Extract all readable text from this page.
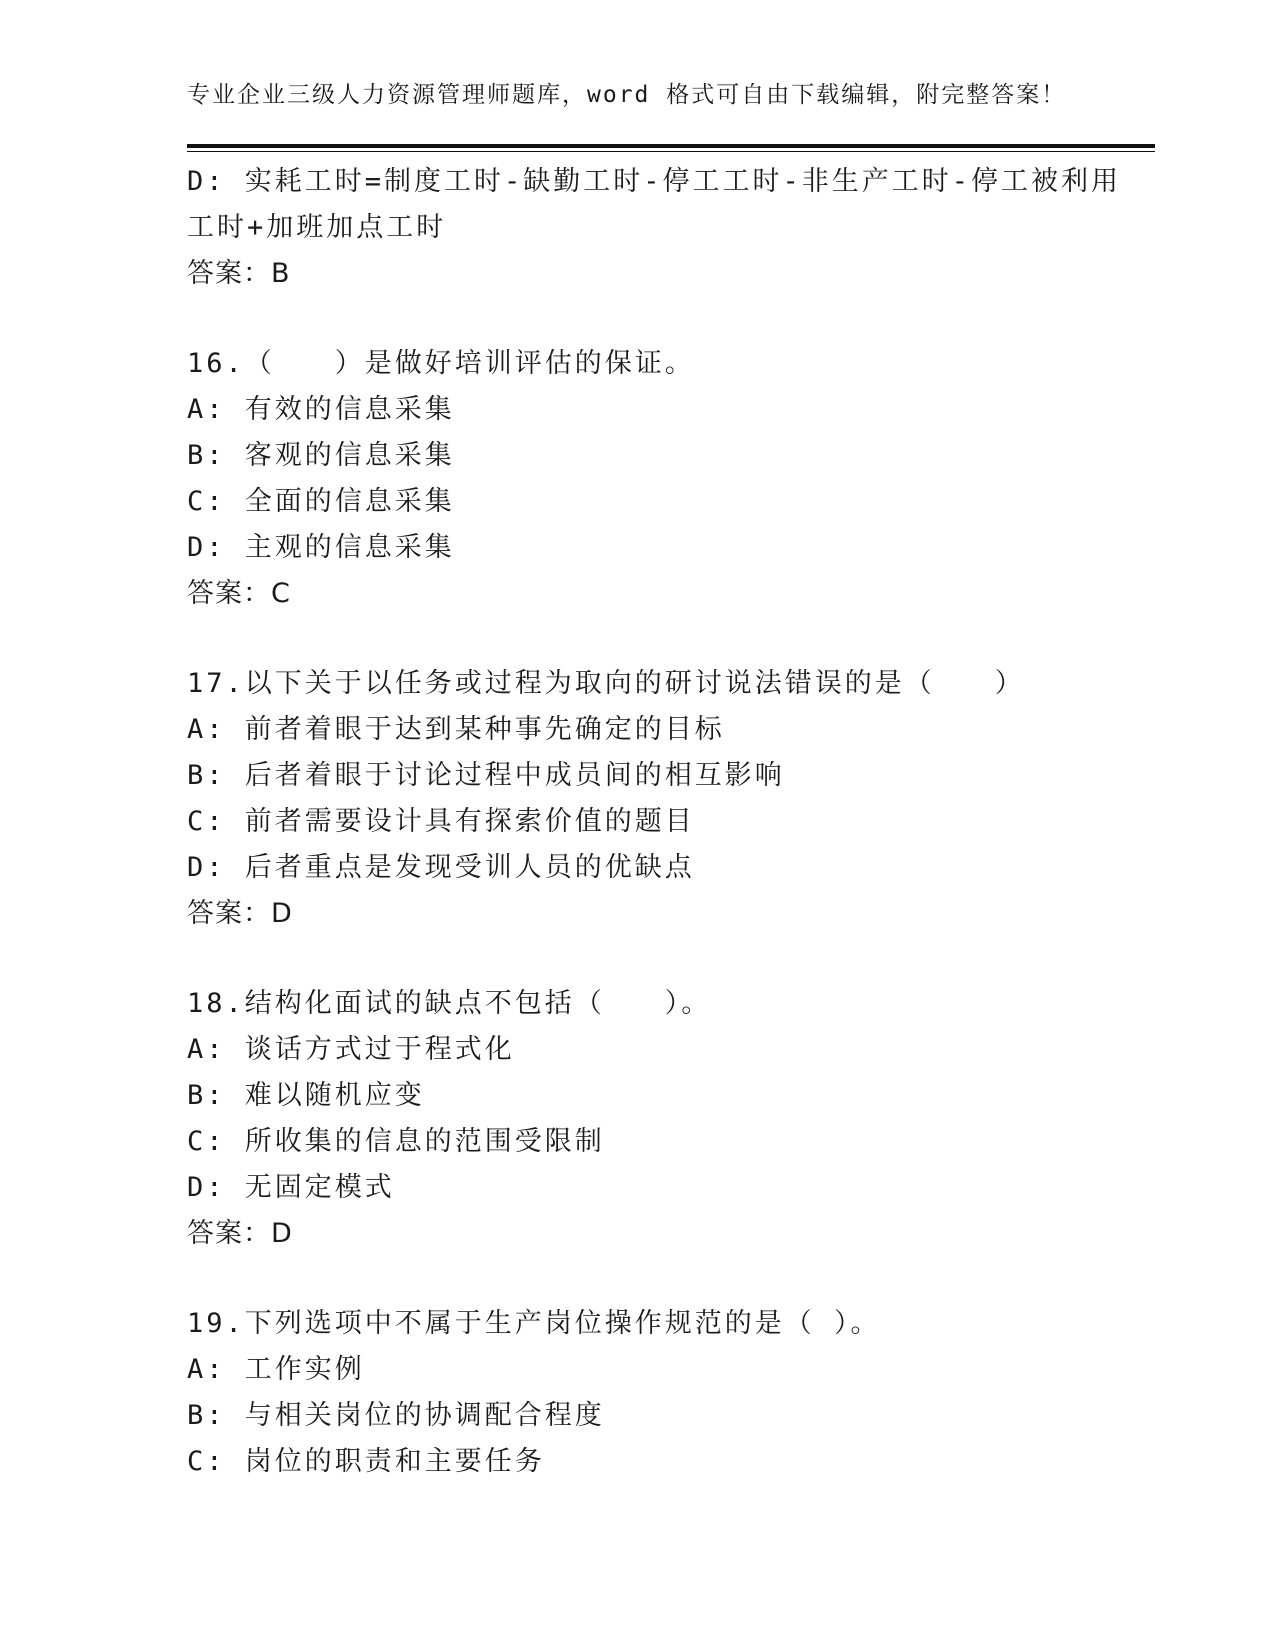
专业企业三级人力资源管理师题库，word 格式可自由下载编辑，附完整答案！
D: 实耗工时=制度工时-缺勤工时-停工工时-非生产工时-停工被利用
工时+加班加点工时
答案：B
16.（　　）是做好培训评估的保证。
A: 有效的信息采集
B: 客观的信息采集
C: 全面的信息采集
D: 主观的信息采集
答案：C
17.以下关于以任务或过程为取向的研讨说法错误的是（　　）
A: 前者着眼于达到某种事先确定的目标
B: 后者着眼于讨论过程中成员间的相互影响
C: 前者需要设计具有探索价值的题目
D: 后者重点是发现受训人员的优缺点
答案：D
18.结构化面试的缺点不包括（　　）。
A: 谈话方式过于程式化
B: 难以随机应变
C: 所收集的信息的范围受限制
D: 无固定模式
答案：D
19.下列选项中不属于生产岗位操作规范的是（ ）。
A: 工作实例
B: 与相关岗位的协调配合程度
C: 岗位的职责和主要任务
